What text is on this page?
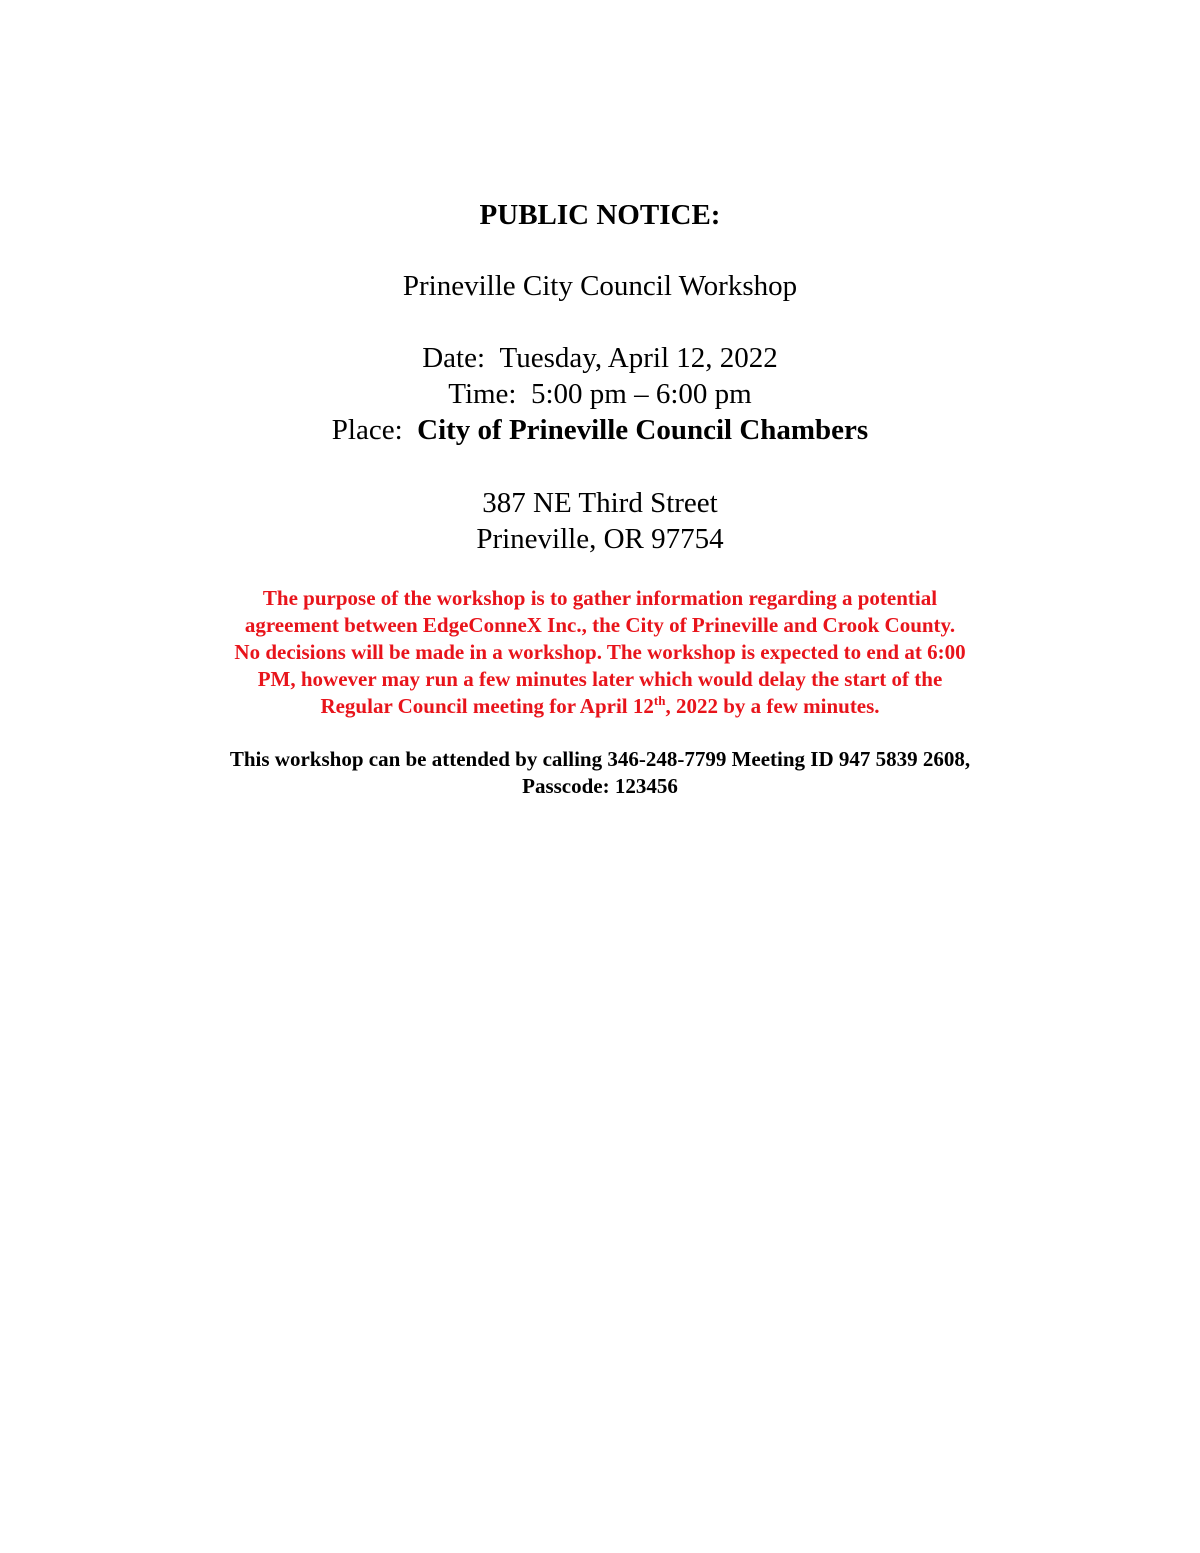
PUBLIC NOTICE:
Prineville City Council Workshop
Date: Tuesday, April 12, 2022
Time: 5:00 pm – 6:00 pm
Place: City of Prineville Council Chambers
387 NE Third Street
Prineville, OR 97754
The purpose of the workshop is to gather information regarding a potential
agreement between EdgeConneX Inc., the City of Prineville and Crook County.
No decisions will be made in a workshop. The workshop is expected to end at 6:00
PM, however may run a few minutes later which would delay the start of the
Regular Council meeting for April 12th, 2022 by a few minutes.
This workshop can be attended by calling 346-248-7799 Meeting ID 947 5839 2608,
Passcode: 123456
